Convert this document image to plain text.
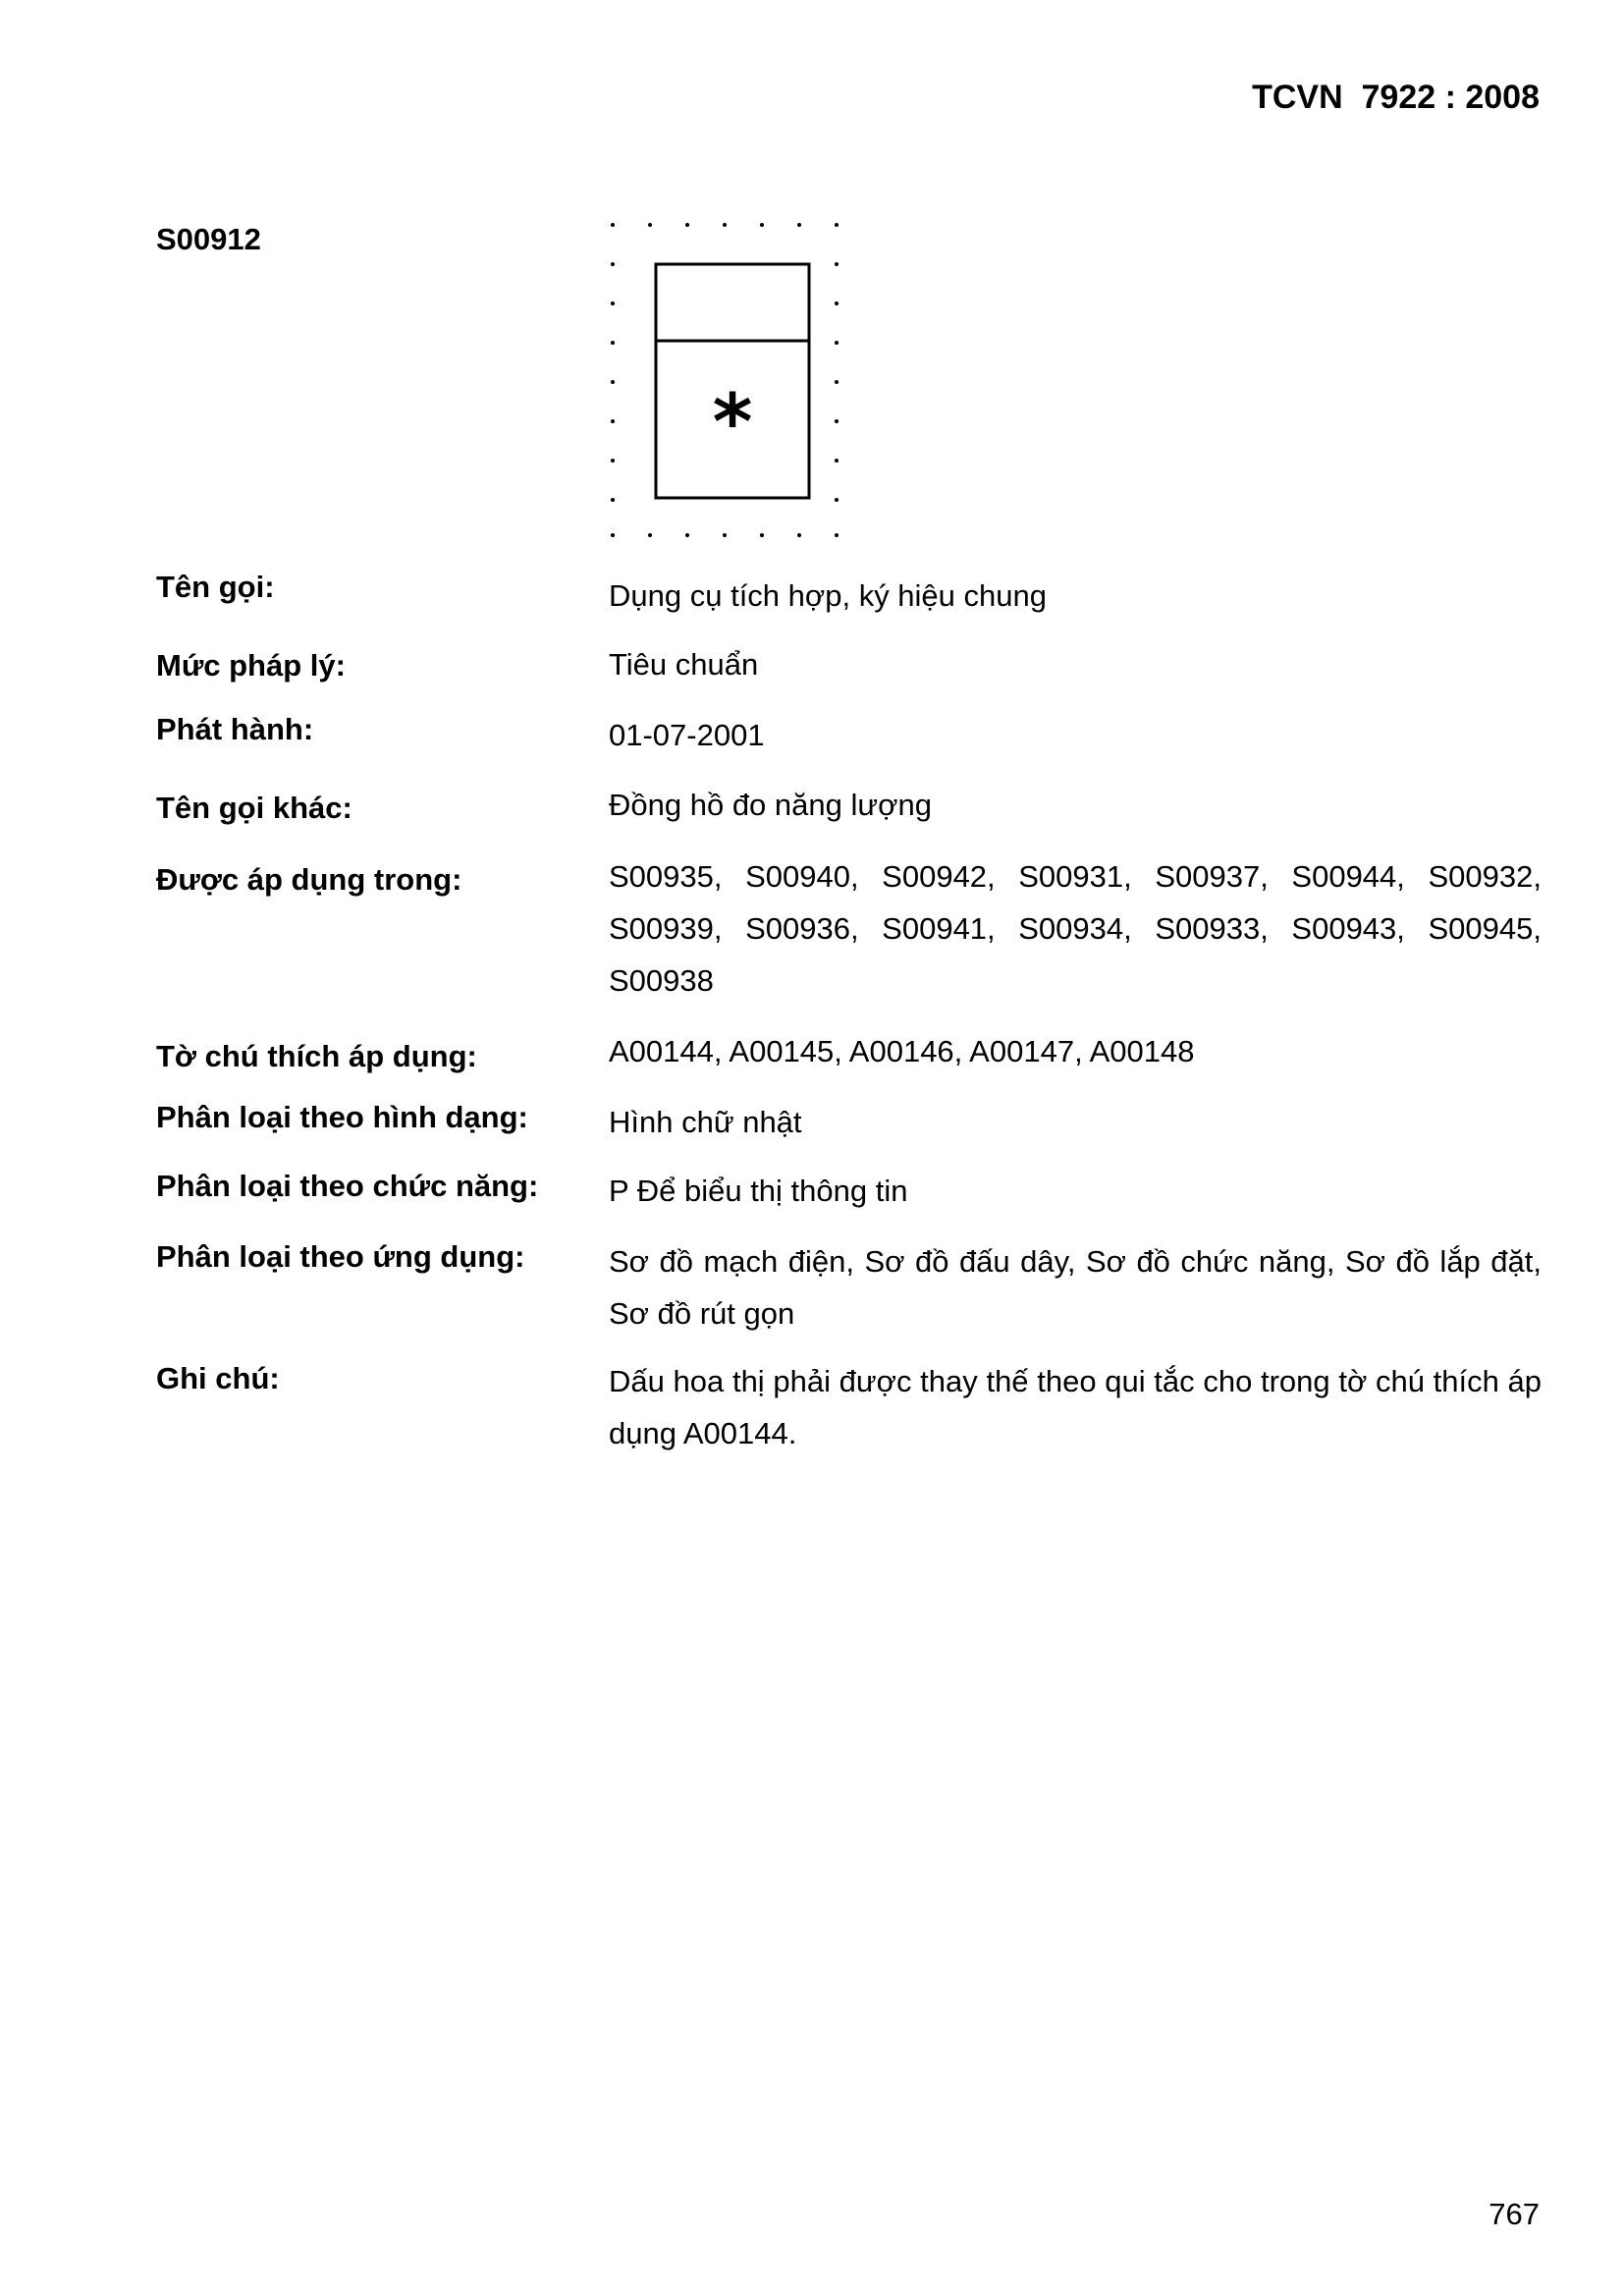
TCVN  7922 : 2008
S00912
*
Tên gọi:	Dụng cụ tích hợp, ký hiệu chung
Mức pháp lý:	Tiêu chuẩn
Phát hành:	01-07-2001
Tên gọi khác:	Đồng hồ đo năng lượng
Được áp dụng trong:	S00935, S00940, S00942, S00931, S00937, S00944, S00932, S00939, S00936, S00941, S00934, S00933, S00943, S00945, S00938
Tờ chú thích áp dụng:	A00144, A00145, A00146, A00147, A00148
Phân loại theo hình dạng:	Hình chữ nhật
Phân loại theo chức năng: P Để biểu thị thông tin
Phân loại theo ứng dụng:	Sơ đồ mạch điện, Sơ đồ đấu dây, Sơ đồ chức năng, Sơ đồ lắp đặt, Sơ đồ rút gọn
Ghi chú:	Dấu hoa thị phải được thay thế theo qui tắc cho trong tờ chú thích áp dụng A00144.
767
